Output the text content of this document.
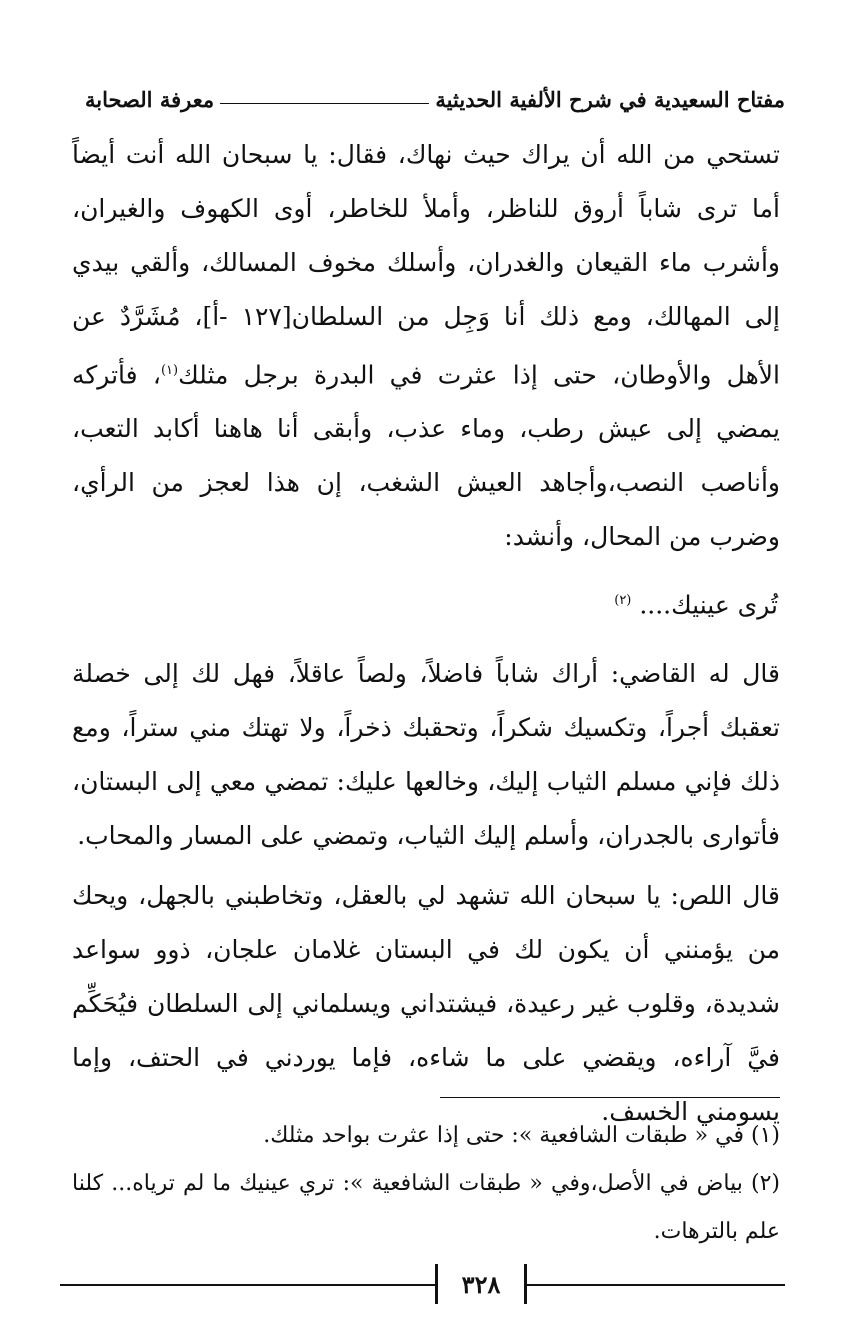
مفتاح السعيدية في شرح الألفية الحديثية
معرفة الصحابة

تستحي من الله أن يراك حيث نهاك، فقال: يا سبحان الله أنت أيضاً أما ترى شاباً أروق للناظر، وأملأ للخاطر، أوى الكهوف والغيران، وأشرب ماء القيعان والغدران، وأسلك مخوف المسالك، وألقي بيدي إلى المهالك، ومع ذلك أنا وَجِل من السلطان[١٢٧ -أ]، مُشَرَّدٌ عن الأهل والأوطان، حتى إذا عثرت في البدرة برجل مثلك$^{(١)}$، فأتركه يمضي إلى عيش رطب، وماء عذب، وأبقى أنا هاهنا أكابد التعب، وأناصب النصب،وأجاهد العيش الشغب، إن هذا لعجز من الرأي، وضرب من المحال، وأنشد:

تُرى عينيك.... $^{(٢)}$

قال له القاضي: أراك شاباً فاضلاً، ولصاً عاقلاً، فهل لك إلى خصلة تعقبك أجراً، وتكسيك شكراً، وتحقبك ذخراً، ولا تهتك مني ستراً، ومع ذلك فإني مسلم الثياب إليك، وخالعها عليك: تمضي معي إلى البستان، فأتوارى بالجدران، وأسلم إليك الثياب، وتمضي على المسار والمحاب.

قال اللص: يا سبحان الله تشهد لي بالعقل، وتخاطبني بالجهل، ويحك من يؤمنني أن يكون لك في البستان غلامان علجان، ذوو سواعد شديدة، وقلوب غير رعيدة، فيشتداني ويسلماني إلى السلطان فيُحَكِّم فيَّ آراءه، ويقضي على ما شاءه، فإما يوردني في الحتف، وإما يسومني الخسف.

(١) في « طبقات الشافعية »: حتى إذا عثرت بواحد مثلك.

(٢) بياض في الأصل،وفي « طبقات الشافعية »: تري عينيك ما لم ترياه... كلنا علم بالترهات.

٣٢٨
